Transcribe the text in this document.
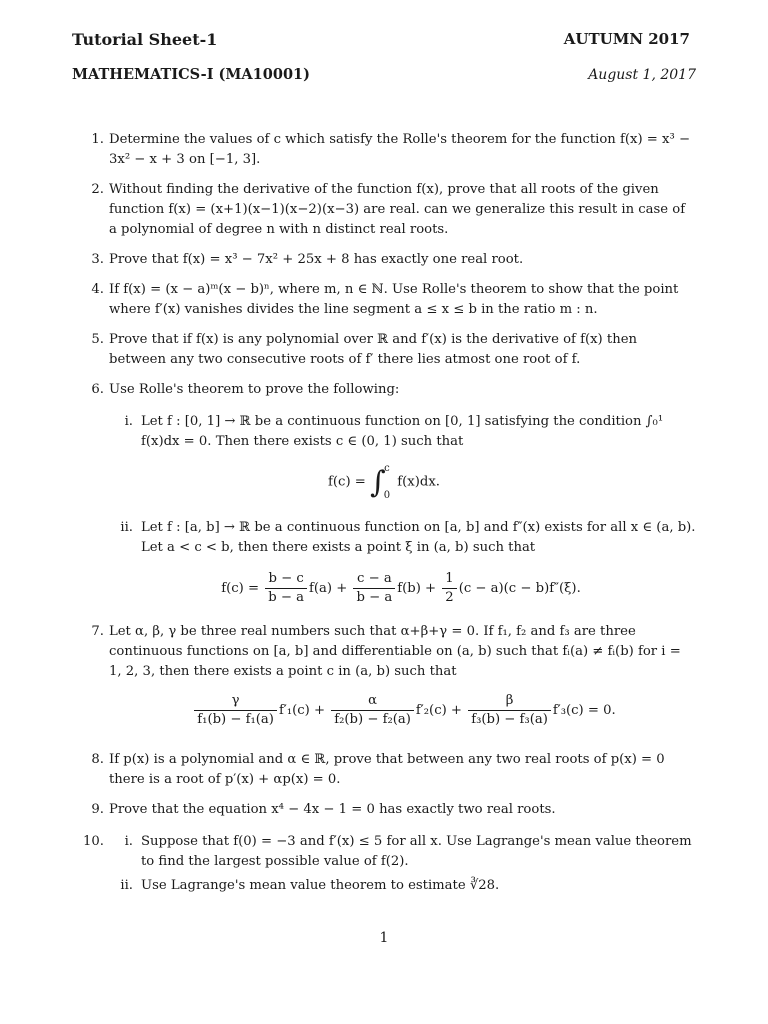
Tutorial Sheet-1	AUTUMN 2017
MATHEMATICS-I (MA10001)	August 1, 2017
1. Determine the values of c which satisfy the Rolle's theorem for the function f(x) = x³ − 3x² − x + 3 on [−1, 3].
2. Without finding the derivative of the function f(x), prove that all roots of the given function f(x) = (x+1)(x−1)(x−2)(x−3) are real. can we generalize this result in case of a polynomial of degree n with n distinct real roots.
3. Prove that f(x) = x³ − 7x² + 25x + 8 has exactly one real root.
4. If f(x) = (x − a)ᵐ(x − b)ⁿ, where m, n ∈ ℕ. Use Rolle's theorem to show that the point where f′(x) vanishes divides the line segment a ≤ x ≤ b in the ratio m : n.
5. Prove that if f(x) is any polynomial over ℝ and f′(x) is the derivative of f(x) then between any two consecutive roots of f′ there lies atmost one root of f.
6. Use Rolle's theorem to prove the following:
i. Let f : [0, 1] → ℝ be a continuous function on [0, 1] satisfying the condition ∫₀¹ f(x)dx = 0. Then there exists c ∈ (0, 1) such that
f(c) = ∫
c
0
f(x)dx.
ii. Let f : [a, b] → ℝ be a continuous function on [a, b] and f″(x) exists for all x ∈ (a, b). Let a < c < b, then there exists a point ξ in (a, b) such that
$f(c) = \frac{b - c}{b - a} f(a) + \frac{c - a}{b - a} f(b) + \frac{1}{2} (c - a)(c - b)f''(\xi)$.
7. Let α, β, γ be three real numbers such that α+β+γ = 0. If f₁, f₂ and f₃ are three continuous functions on [a, b] and differentiable on (a, b) such that fᵢ(a) ≠ fᵢ(b) for i = 1, 2, 3, then there exists a point c in (a, b) such that
$\frac{\gamma}{\text{f₁(b) − f₁(a)}} f'_1(c) + \frac{\alpha}{\text{f₂(b) − f₂(a)}} f'_2(c) + \frac{\beta}{\text{f₃(b) − f₃(a)}} f'_3(c) = 0$.
8. If p(x) is a polynomial and α ∈ ℝ, prove that between any two real roots of p(x) = 0 there is a root of p′(x) + αp(x) = 0.
9. Prove that the equation x⁴ − 4x − 1 = 0 has exactly two real roots.
10.	i. Suppose that f(0) = −3 and f′(x) ≤ 5 for all x. Use Lagrange's mean value theorem to find the largest possible value of f(2).
ii. Use Lagrange's mean value theorem to estimate ∛28.
1
